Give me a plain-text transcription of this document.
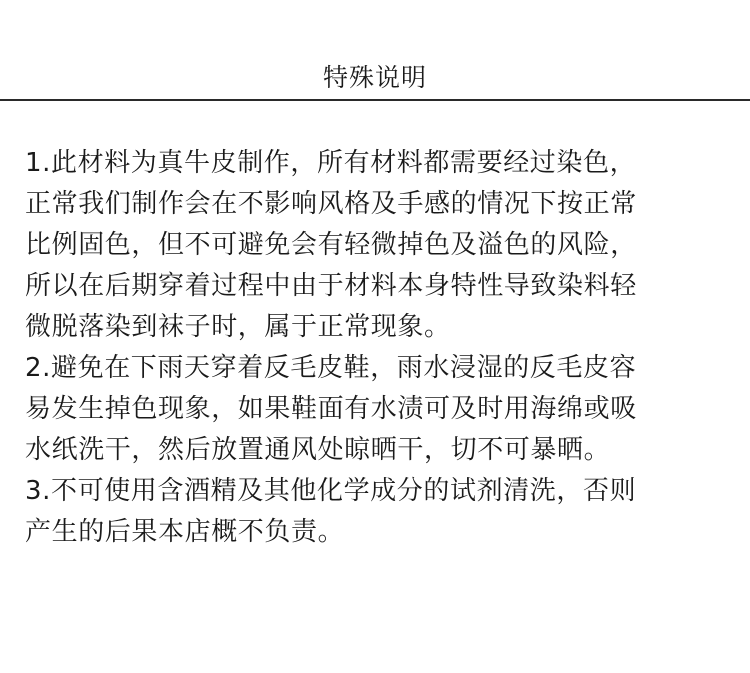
特殊说明
1.此材料为真牛皮制作，所有材料都需要经过染色，
正常我们制作会在不影响风格及手感的情况下按正常
比例固色，但不可避免会有轻微掉色及溢色的风险，
所以在后期穿着过程中由于材料本身特性导致染料轻
微脱落染到袜子时，属于正常现象。
2.避免在下雨天穿着反毛皮鞋，雨水浸湿的反毛皮容
易发生掉色现象，如果鞋面有水渍可及时用海绵或吸
水纸洗干，然后放置通风处晾晒干，切不可暴晒。
3.不可使用含酒精及其他化学成分的试剂清洗，否则
产生的后果本店概不负责。
